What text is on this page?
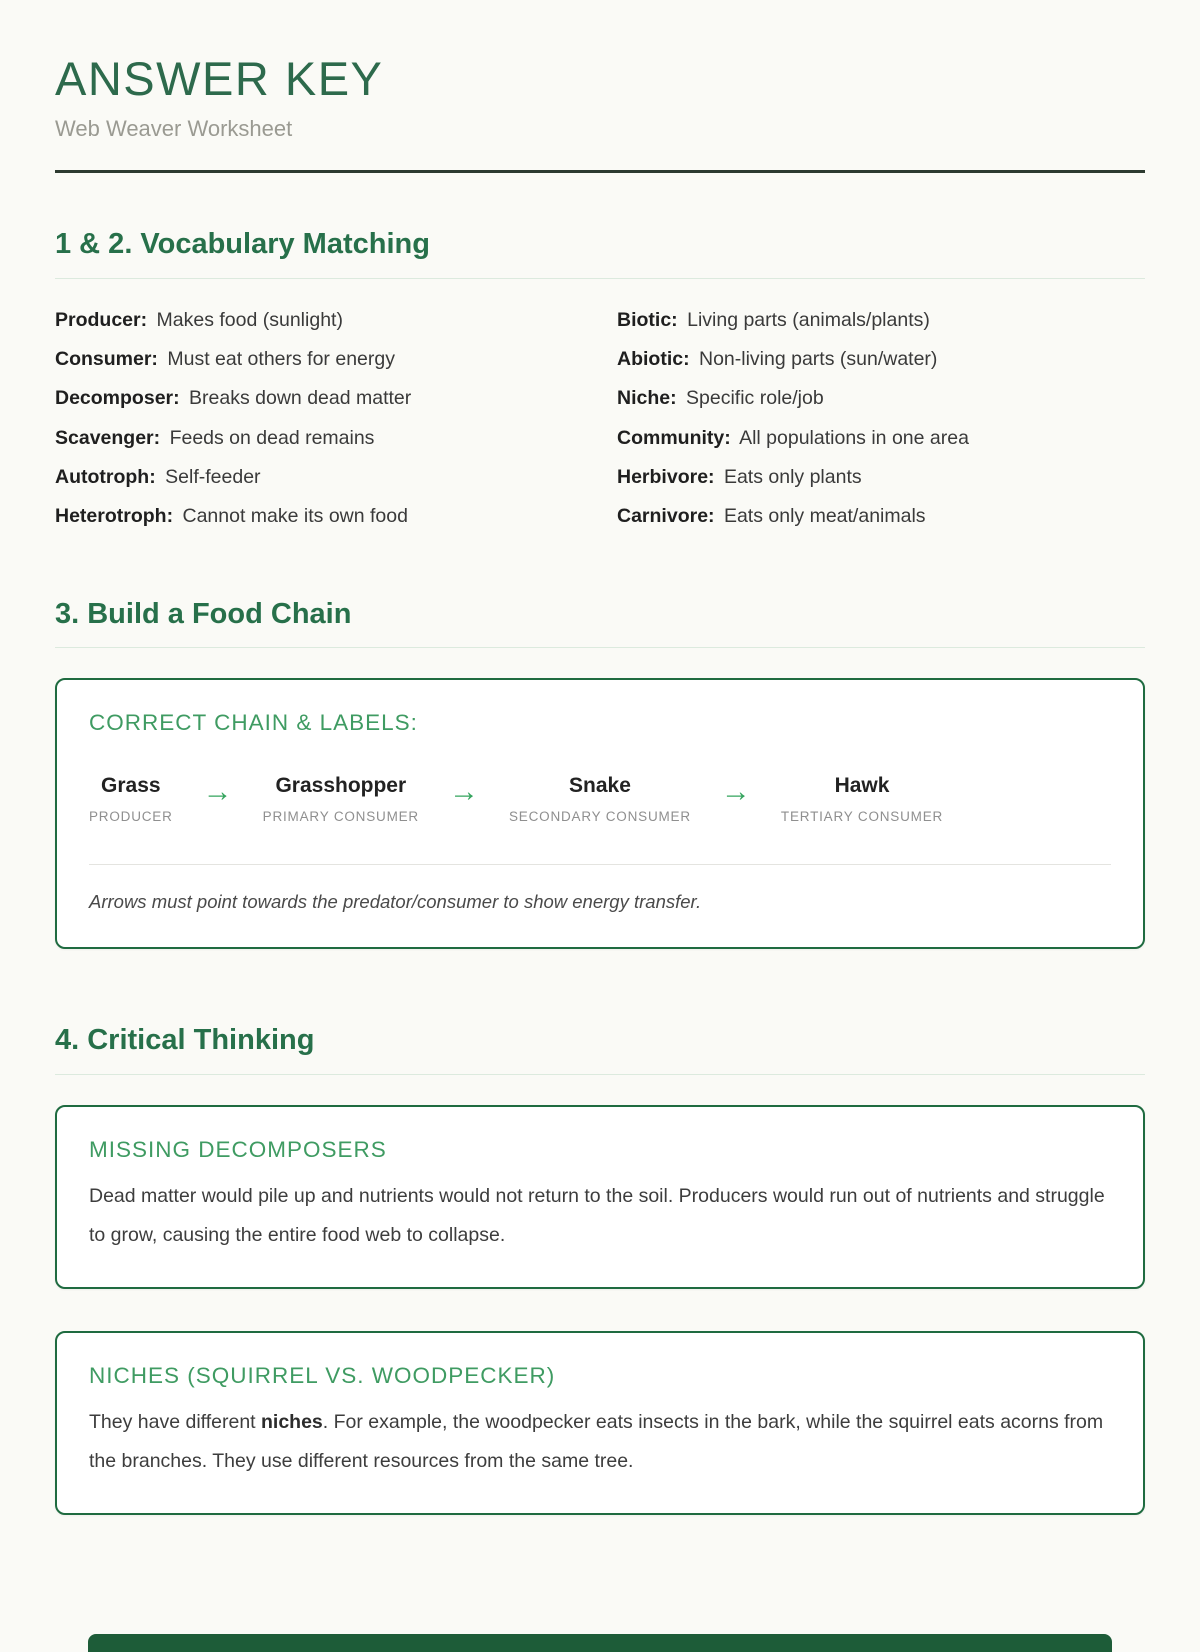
ANSWER KEY

Web Weaver Worksheet

1 & 2. Vocabulary Matching
Producer: Makes food (sunlight)
Consumer: Must eat others for energy
Decomposer: Breaks down dead matter
Scavenger: Feeds on dead remains
Autotroph: Self-feeder
Heterotroph: Cannot make its own food
Biotic: Living parts (animals/plants)
Abiotic: Non-living parts (sun/water)
Niche: Specific role/job
Community: All populations in one area
Herbivore: Eats only plants
Carnivore: Eats only meat/animals
3. Build a Food Chain
CORRECT CHAIN & LABELS:
Grass
PRODUCER
→ Grasshopper
PRIMARY CONSUMER
→	Snake
SECONDARY CONSUMER
→	Hawk
TERTIARY CONSUMER

Arrows must point towards the predator/consumer to show energy transfer.

4. Critical Thinking
MISSING DECOMPOSERS

Dead matter would pile up and nutrients would not return to the soil. Producers would run out of nutrients and struggle to grow, causing the entire food web to collapse.

NICHES (SQUIRREL VS. WOODPECKER)

They have different niches. For example, the woodpecker eats insects in the bark, while the squirrel eats acorns from the branches. They use different resources from the same tree.
